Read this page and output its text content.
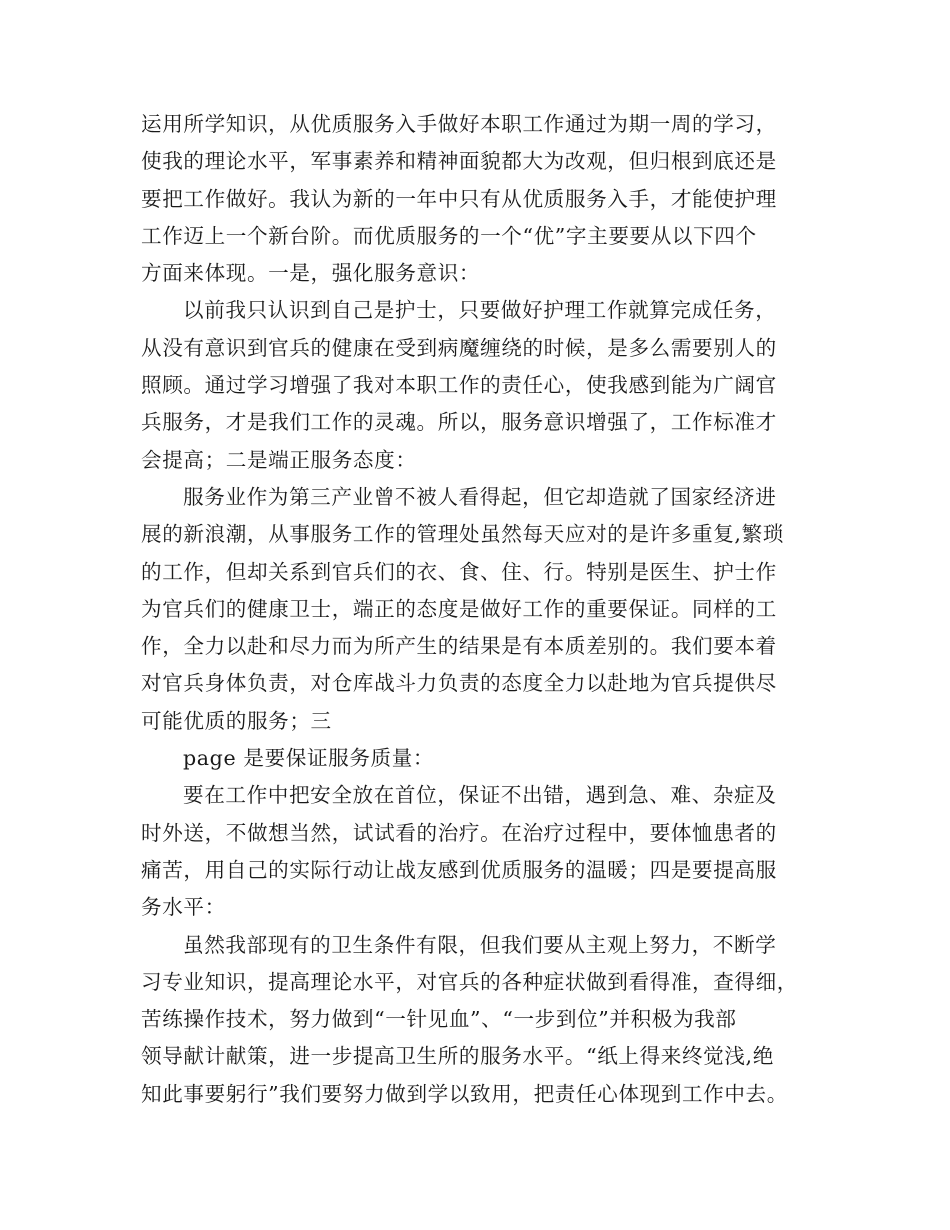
运用所学知识，从优质服务入手做好本职工作通过为期一周的学习，
使我的理论水平，军事素养和精神面貌都大为改观，但归根到底还是
要把工作做好。我认为新的一年中只有从优质服务入手，才能使护理
工作迈上一个新台阶。而优质服务的一个“优”字主要要从以下四个
方面来体现。一是，强化服务意识：
以前我只认识到自己是护士，只要做好护理工作就算完成任务，
从没有意识到官兵的健康在受到病魔缠绕的时候，是多么需要别人的
照顾。通过学习增强了我对本职工作的责任心，使我感到能为广阔官
兵服务，才是我们工作的灵魂。所以，服务意识增强了，工作标准才
会提高；二是端正服务态度：
服务业作为第三产业曾不被人看得起，但它却造就了国家经济进
展的新浪潮，从事服务工作的管理处虽然每天应对的是许多重复,繁琐
的工作，但却关系到官兵们的衣、食、住、行。特别是医生、护士作
为官兵们的健康卫士，端正的态度是做好工作的重要保证。同样的工
作，全力以赴和尽力而为所产生的结果是有本质差别的。我们要本着
对官兵身体负责，对仓库战斗力负责的态度全力以赴地为官兵提供尽
可能优质的服务；三
page 是要保证服务质量：
要在工作中把安全放在首位，保证不出错，遇到急、难、杂症及
时外送，不做想当然，试试看的治疗。在治疗过程中，要体恤患者的
痛苦，用自己的实际行动让战友感到优质服务的温暖；四是要提高服
务水平：
虽然我部现有的卫生条件有限，但我们要从主观上努力，不断学
习专业知识，提高理论水平，对官兵的各种症状做到看得准，查得细，
苦练操作技术，努力做到“一针见血”、“一步到位”并积极为我部
领导献计献策，进一步提高卫生所的服务水平。“纸上得来终觉浅,绝
知此事要躬行”我们要努力做到学以致用，把责任心体现到工作中去。
